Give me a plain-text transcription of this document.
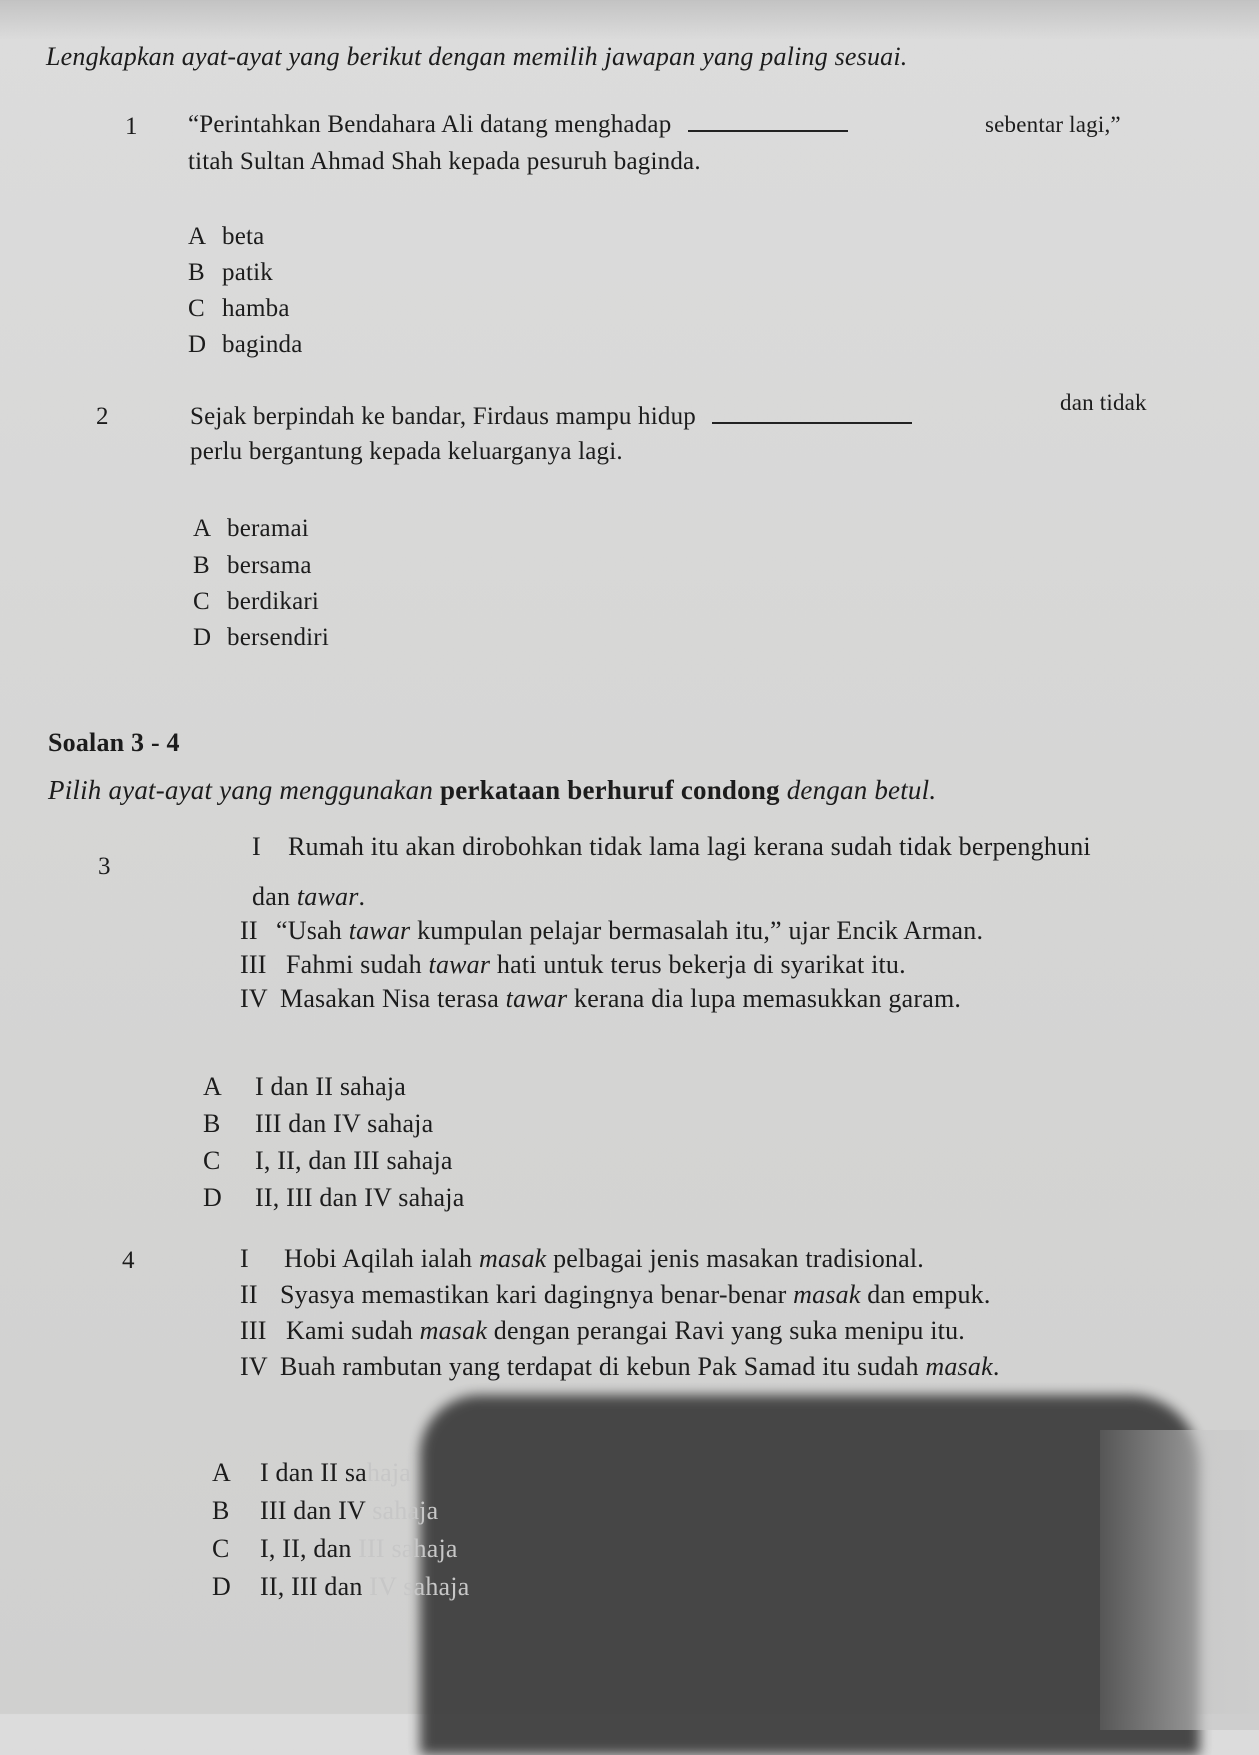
Lengkapkan ayat-ayat yang berikut dengan memilih jawapan yang paling sesuai.
1 “Perintahkan Bendahara Ali datang menghadap	sebentar lagi,”
titah Sultan Ahmad Shah kepada pesuruh baginda.
A beta
B patik
C hamba
D baginda
2	Sejak berpindah ke bandar, Firdaus mampu hidup
dan tidak
perlu bergantung kepada keluarganya lagi.
A beramai
B bersama
C berdikari
D bersendiri
Soalan 3 - 4
Pilih ayat-ayat yang menggunakan perkataan berhuruf condong dengan betul.
3
I Rumah itu akan dirobohkan tidak lama lagi kerana sudah tidak berpenghuni
dan tawar.
II “Usah tawar kumpulan pelajar bermasalah itu,” ujar Encik Arman.
III Fahmi sudah tawar hati untuk terus bekerja di syarikat itu.
IV Masakan Nisa terasa tawar kerana dia lupa memasukkan garam.
A I dan II sahaja
B III dan IV sahaja
C I, II, dan III sahaja
D II, III dan IV sahaja
4	I Hobi Aqilah ialah masak pelbagai jenis masakan tradisional.
II Syasya memastikan kari dagingnya benar-benar masak dan empuk.
III Kami sudah masak dengan perangai Ravi yang suka menipu itu.
IV Buah rambutan yang terdapat di kebun Pak Samad itu sudah masak.
A I dan II sahaja
B III dan IV sahaja
C I, II, dan III sahaja
D II, III dan IV sahaja
